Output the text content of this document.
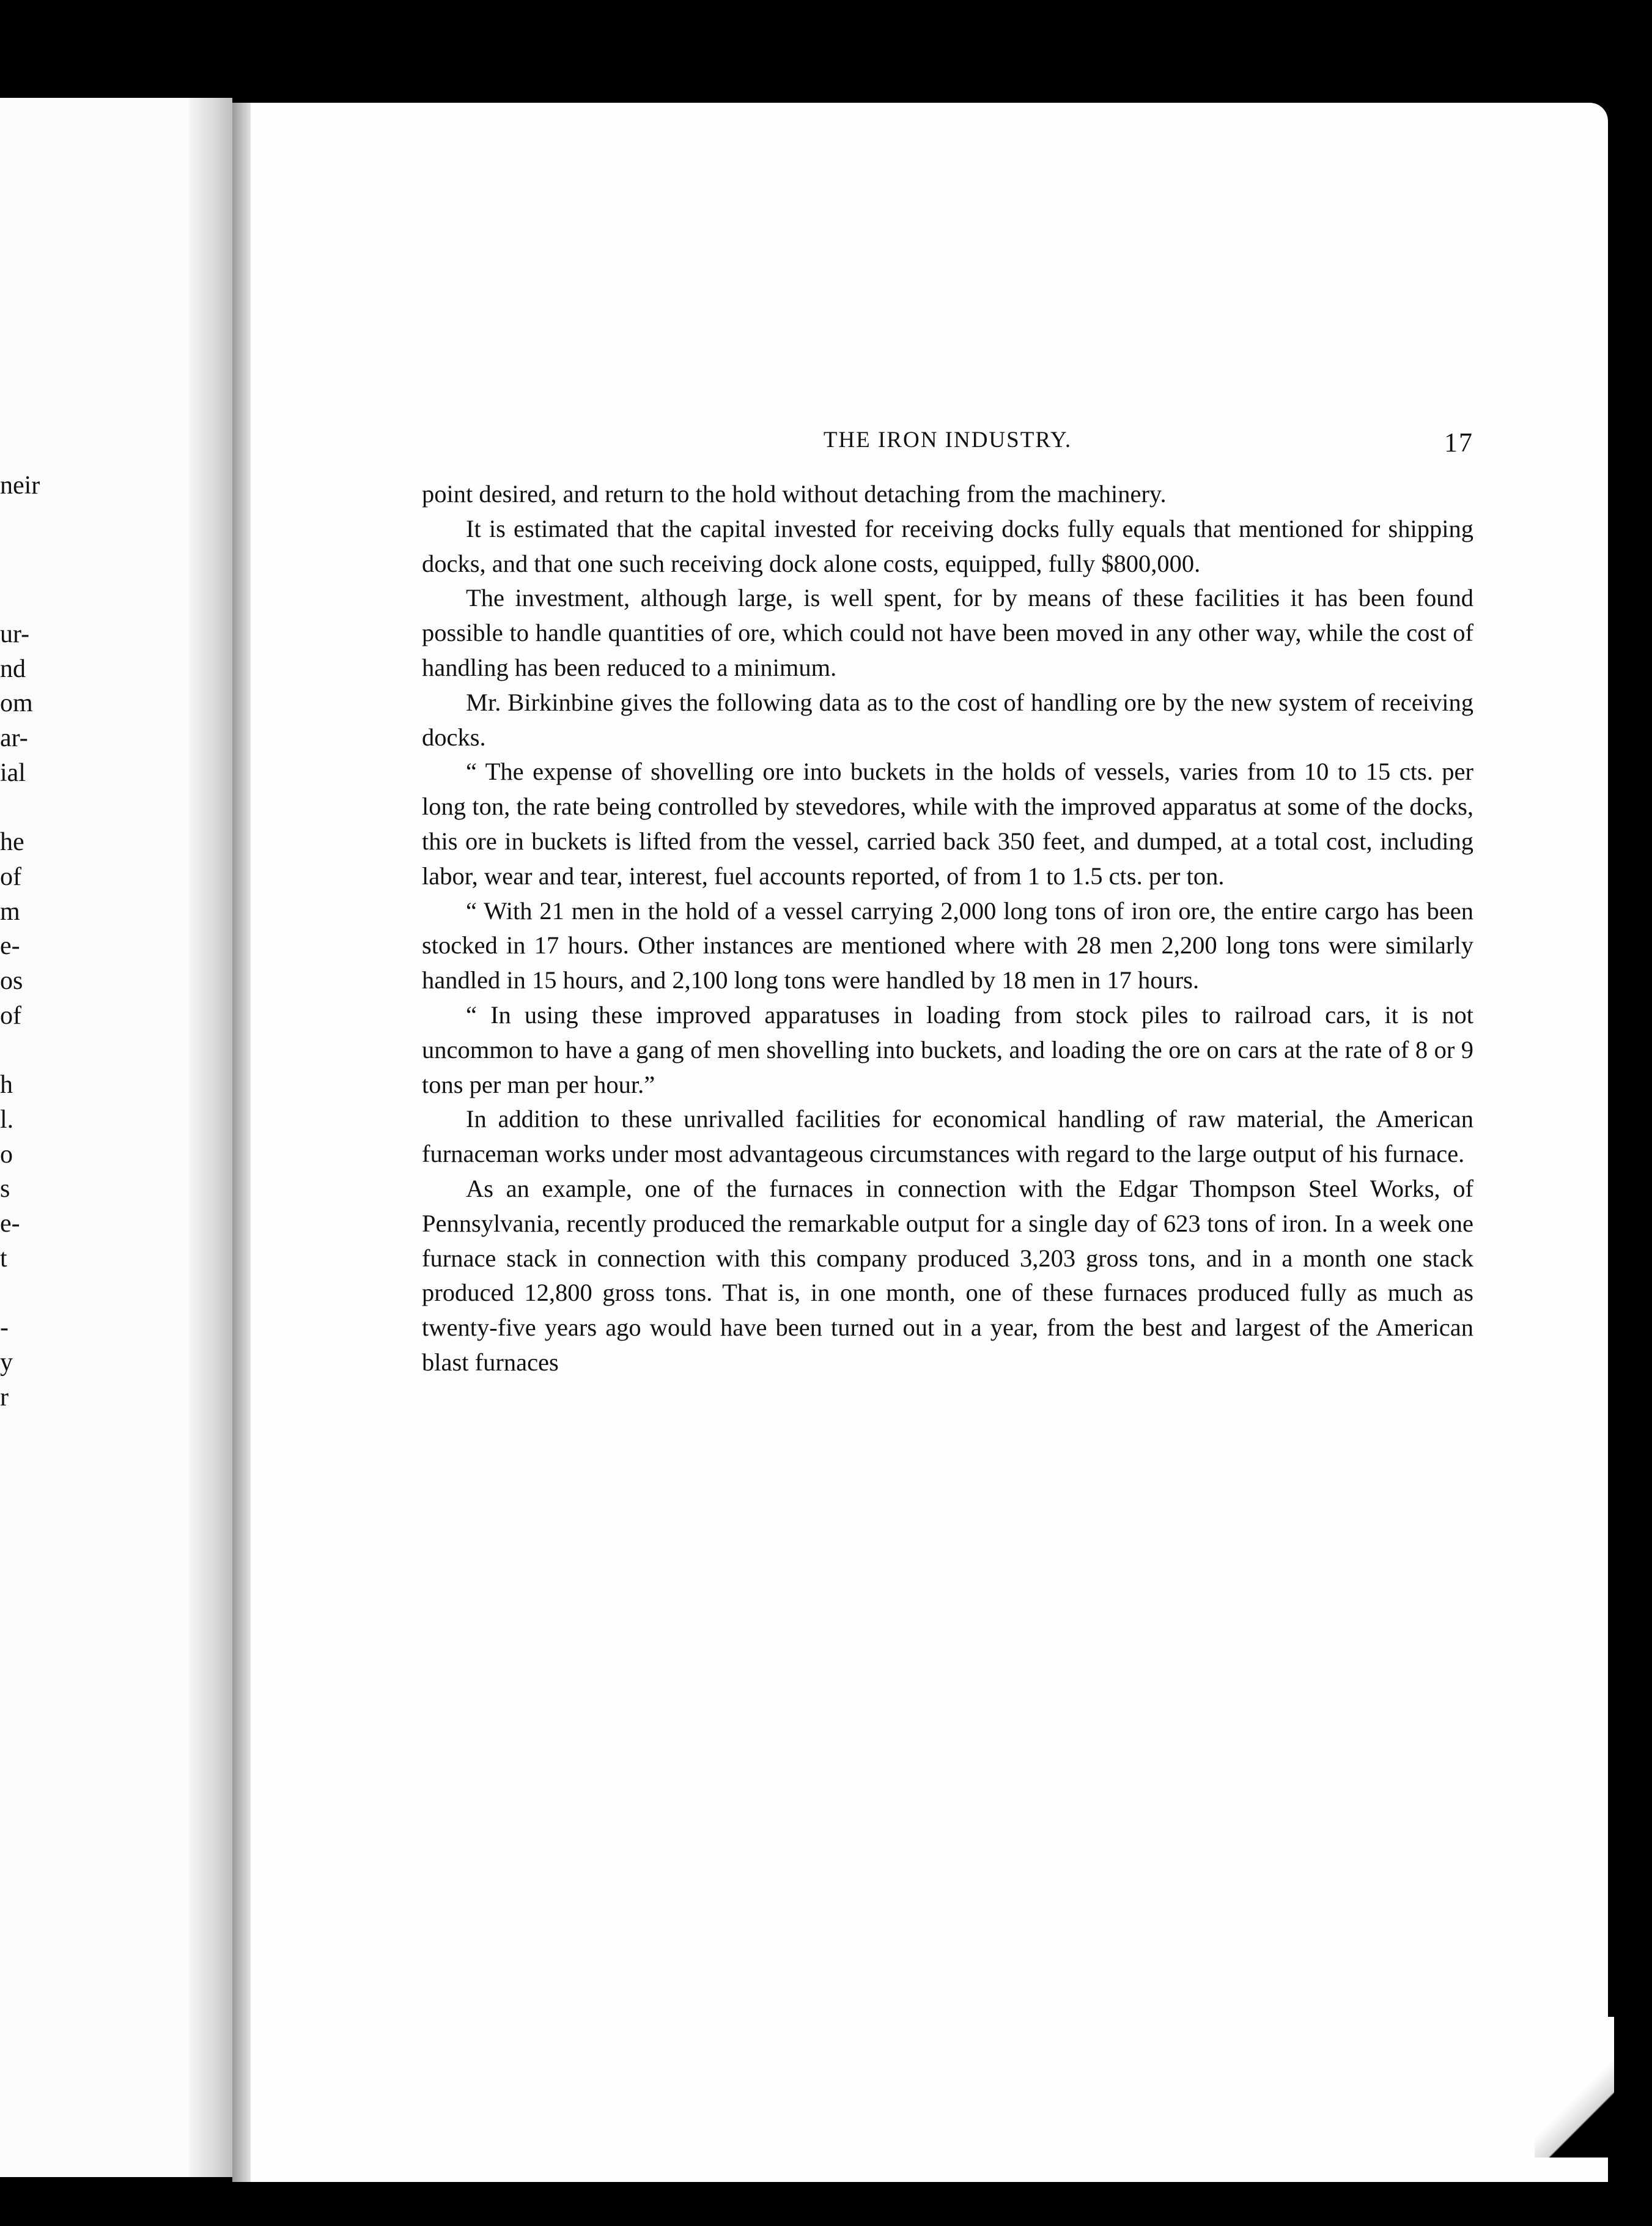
neir
ur-
nd
om
ar-
ial
he
of
m
e-
os
of
h
l.
o
s
e-
t
-
y
r
THE IRON INDUSTRY.	17

point desired, and return to the hold without detaching from the machinery.

It is estimated that the capital invested for receiving docks fully equals that mentioned for shipping docks, and that one such receiving dock alone costs, equipped, fully $800,000.

The investment, although large, is well spent, for by means of these facilities it has been found possible to handle quantities of ore, which could not have been moved in any other way, while the cost of handling has been reduced to a minimum.

Mr. Birkinbine gives the following data as to the cost of handling ore by the new system of receiving docks.

“ The expense of shovelling ore into buckets in the holds of vessels, varies from 10 to 15 cts. per long ton, the rate being controlled by stevedores, while with the improved apparatus at some of the docks, this ore in buckets is lifted from the vessel, carried back 350 feet, and dumped, at a total cost, including labor, wear and tear, interest, fuel accounts reported, of from 1 to 1.5 cts. per ton.

“ With 21 men in the hold of a vessel carrying 2,000 long tons of iron ore, the entire cargo has been stocked in 17 hours. Other instances are mentioned where with 28 men 2,200 long tons were similarly handled in 15 hours, and 2,100 long tons were handled by 18 men in 17 hours.

“ In using these improved apparatuses in loading from stock piles to railroad cars, it is not uncommon to have a gang of men shovelling into buckets, and loading the ore on cars at the rate of 8 or 9 tons per man per hour.”

In addition to these unrivalled facilities for economical handling of raw material, the American furnaceman works under most advantageous circumstances with regard to the large output of his furnace.

As an example, one of the furnaces in connection with the Edgar Thompson Steel Works, of Pennsylvania, recently produced the remarkable output for a single day of 623 tons of iron. In a week one furnace stack in connection with this company produced 3,203 gross tons, and in a month one stack produced 12,800 gross tons. That is, in one month, one of these furnaces produced fully as much as twenty-five years ago would have been turned out in a year, from the best and largest of the American blast furnaces
